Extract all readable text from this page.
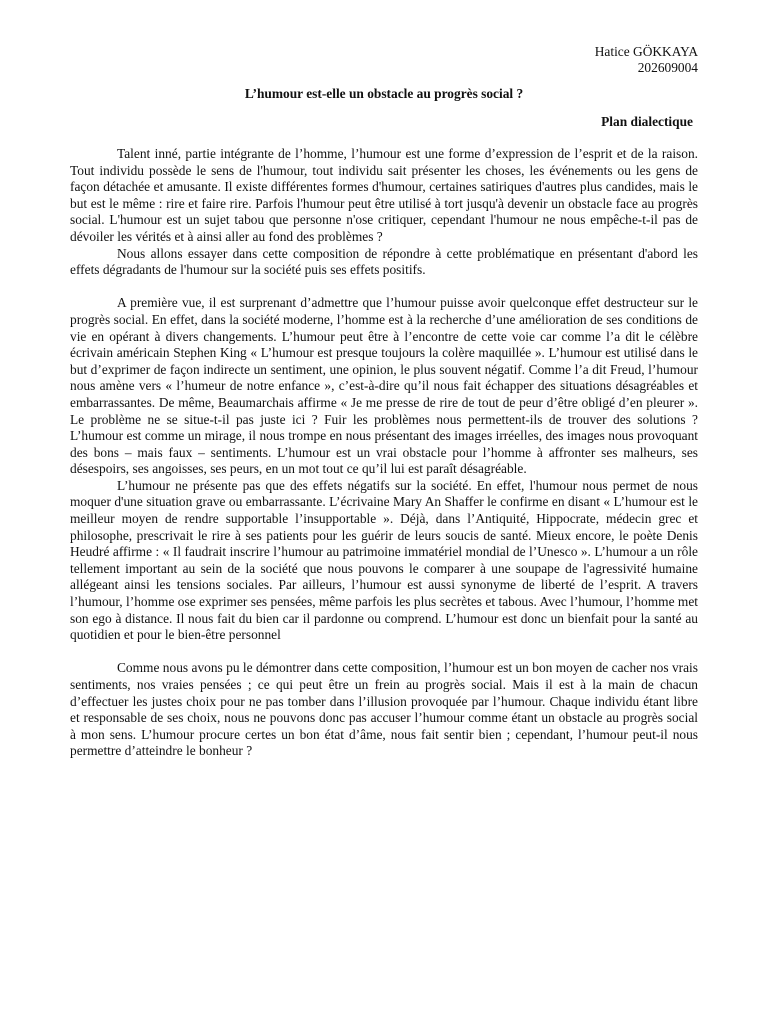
Hatice GÖKKAYA
202609004
L’humour est-elle un obstacle au progrès social ?
Plan dialectique

Talent inné, partie intégrante de l’homme, l’humour est une forme d’expression de l’esprit et de la raison. Tout individu possède le sens de l'humour, tout individu sait présenter les choses, les événements ou les gens de façon détachée et amusante. Il existe différentes formes d'humour, certaines satiriques d'autres plus candides, mais le but est le même : rire et faire rire. Parfois l'humour peut être utilisé à tort jusqu'à devenir un obstacle face au progrès social. L'humour est un sujet tabou que personne n'ose critiquer, cependant l'humour ne nous empêche-t-il pas de dévoiler les vérités et à ainsi aller au fond des problèmes ?

Nous allons essayer dans cette composition de répondre à cette problématique en présentant d'abord les effets dégradants de l'humour sur la société puis ses effets positifs.

A première vue, il est surprenant d’admettre que l’humour puisse avoir quelconque effet destructeur sur le progrès social. En effet, dans la société moderne, l’homme est à la recherche d’une amélioration de ses conditions de vie en opérant à divers changements. L’humour peut être à l’encontre de cette voie car comme l’a dit le célèbre écrivain américain Stephen King « L’humour est presque toujours la colère maquillée ». L’humour est utilisé dans le but d’exprimer de façon indirecte un sentiment, une opinion, le plus souvent négatif. Comme l’a dit Freud, l’humour nous amène vers « l’humeur de notre enfance », c’est-à-dire qu’il nous fait échapper des situations désagréables et embarrassantes. De même, Beaumarchais affirme « Je me presse de rire de tout de peur d’être obligé d’en pleurer ». Le problème ne se situe-t-il pas juste ici ? Fuir les problèmes nous permettent-ils de trouver des solutions ? L’humour est comme un mirage, il nous trompe en nous présentant des images irréelles, des images nous provoquant des bons – mais faux – sentiments. L’humour est un vrai obstacle pour l’homme à affronter ses malheurs, ses désespoirs, ses angoisses, ses peurs, en un mot tout ce qu’il lui est paraît désagréable.

L’humour ne présente pas que des effets négatifs sur la société. En effet, l'humour nous permet de nous moquer d'une situation grave ou embarrassante. L’écrivaine Mary An Shaffer le confirme en disant « L’humour est le meilleur moyen de rendre supportable l’insupportable ». Déjà, dans l’Antiquité, Hippocrate, médecin grec et philosophe, prescrivait le rire à ses patients pour les guérir de leurs soucis de santé. Mieux encore, le poète Denis Heudré affirme : « Il faudrait inscrire l’humour au patrimoine immatériel mondial de l’Unesco ». L’humour a un rôle tellement important au sein de la société que nous pouvons le comparer à une soupape de l'agressivité humaine allégeant ainsi les tensions sociales. Par ailleurs, l’humour est aussi synonyme de liberté de l’esprit. A travers l’humour, l’homme ose exprimer ses pensées, même parfois les plus secrètes et tabous. Avec l’humour, l’homme met son ego à distance. Il nous fait du bien car il pardonne ou comprend. L’humour est donc un bienfait pour la santé au quotidien et pour le bien-être personnel

Comme nous avons pu le démontrer dans cette composition, l’humour est un bon moyen de cacher nos vrais sentiments, nos vraies pensées ; ce qui peut être un frein au progrès social. Mais il est à la main de chacun d’effectuer les justes choix pour ne pas tomber dans l’illusion provoquée par l’humour. Chaque individu étant libre et responsable de ses choix, nous ne pouvons donc pas accuser l’humour comme étant un obstacle au progrès social à mon sens. L’humour procure certes un bon état d’âme, nous fait sentir bien ; cependant, l’humour peut-il nous permettre d’atteindre le bonheur ?
